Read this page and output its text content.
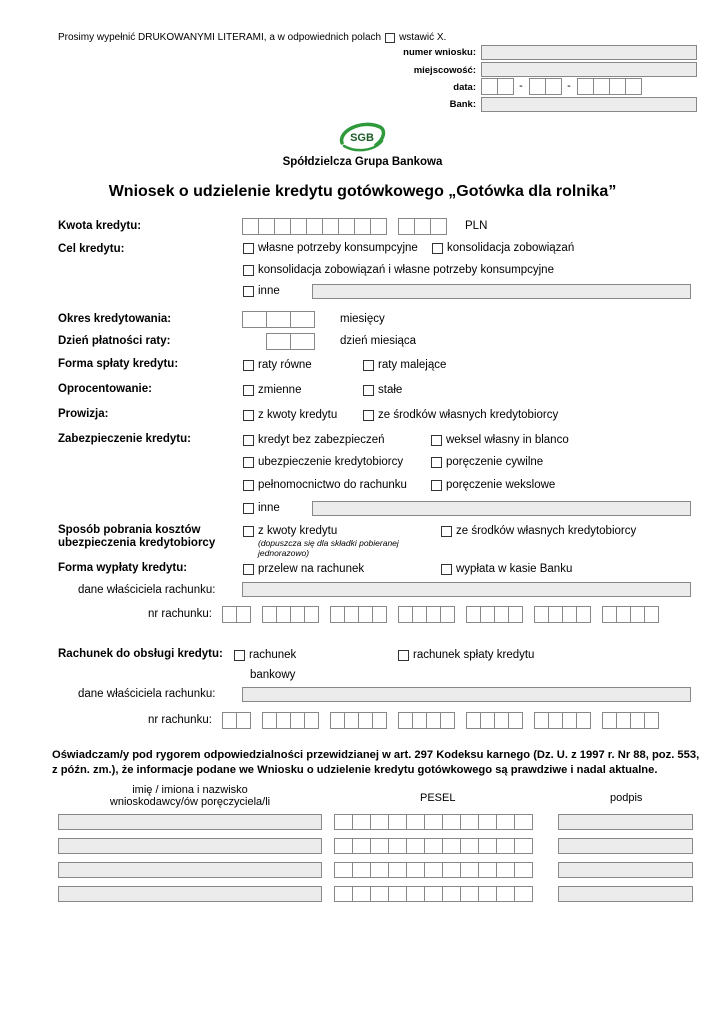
Prosimy wypełnić DRUKOWANYMI LITERAMI, a w odpowiednich polach wstawić X.
numer wniosku:
miejscowość:
data:	-	-
Bank:
SGB
Spółdzielcza Grupa Bankowa
Wniosek o udzielenie kredytu gotówkowego „Gotówka dla rolnika”
Kwota kredytu:	PLN
Cel kredytu:	własne potrzeby konsumpcyjne	konsolidacja zobowiązań
konsolidacja zobowiązań i własne potrzeby konsumpcyjne
inne
Okres kredytowania:	miesięcy
Dzień płatności raty:	dzień miesiąca
Forma spłaty kredytu:	raty równe	raty malejące
Oprocentowanie:	zmienne	stałe
Prowizja:	z kwoty kredytu	ze środków własnych kredytobiorcy
Zabezpieczenie kredytu:	kredyt bez zabezpieczeń	weksel własny in blanco
ubezpieczenie kredytobiorcy	poręczenie cywilne
pełnomocnictwo do rachunku	poręczenie wekslowe
inne
Sposób pobrania kosztów
ubezpieczenia kredytobiorcy
z kwoty kredytu
(dopuszcza się dla składki pobieranej
jednorazowo)
ze środków własnych kredytobiorcy
Forma wypłaty kredytu:	przelew na rachunek	wypłata w kasie Banku
dane właściciela rachunku:
nr rachunku:
Rachunek do obsługi kredytu: rachunek
bankowy
rachunek spłaty kredytu
dane właściciela rachunku:
nr rachunku:
Oświadczam/y pod rygorem odpowiedzialności przewidzianej w art. 297 Kodeksu karnego (Dz. U. z 1997 r. Nr 88, poz. 553,
z późn. zm.), że informacje podane we Wniosku o udzielenie kredytu gotówkowego są prawdziwe i nadal aktualne.
imię / imiona i nazwisko
wnioskodawcy/ów poręczyciela/li	PESEL	podpis
